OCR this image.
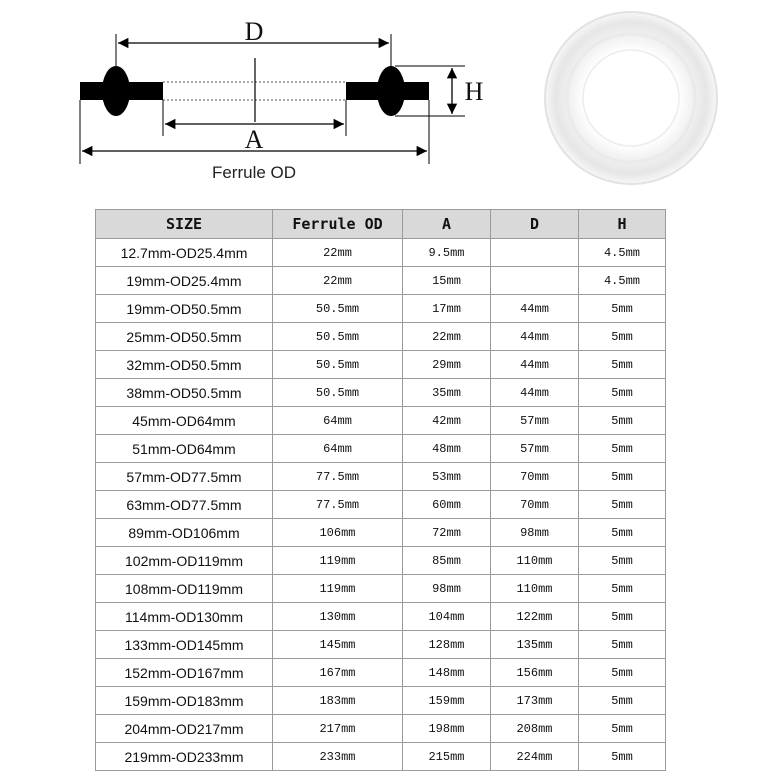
D
A
H
Ferrule OD
SIZE	Ferrule OD	A	D	H
12.7mm-OD25.4mm	22mm	9.5mm		4.5mm
19mm-OD25.4mm	22mm	15mm		4.5mm
19mm-OD50.5mm	50.5mm	17mm	44mm	5mm
25mm-OD50.5mm	50.5mm	22mm	44mm	5mm
32mm-OD50.5mm	50.5mm	29mm	44mm	5mm
38mm-OD50.5mm	50.5mm	35mm	44mm	5mm
45mm-OD64mm	64mm	42mm	57mm	5mm
51mm-OD64mm	64mm	48mm	57mm	5mm
57mm-OD77.5mm	77.5mm	53mm	70mm	5mm
63mm-OD77.5mm	77.5mm	60mm	70mm	5mm
89mm-OD106mm	106mm	72mm	98mm	5mm
102mm-OD119mm	119mm	85mm	110mm	5mm
108mm-OD119mm	119mm	98mm	110mm	5mm
114mm-OD130mm	130mm	104mm	122mm	5mm
133mm-OD145mm	145mm	128mm	135mm	5mm
152mm-OD167mm	167mm	148mm	156mm	5mm
159mm-OD183mm	183mm	159mm	173mm	5mm
204mm-OD217mm	217mm	198mm	208mm	5mm
219mm-OD233mm	233mm	215mm	224mm	5mm
